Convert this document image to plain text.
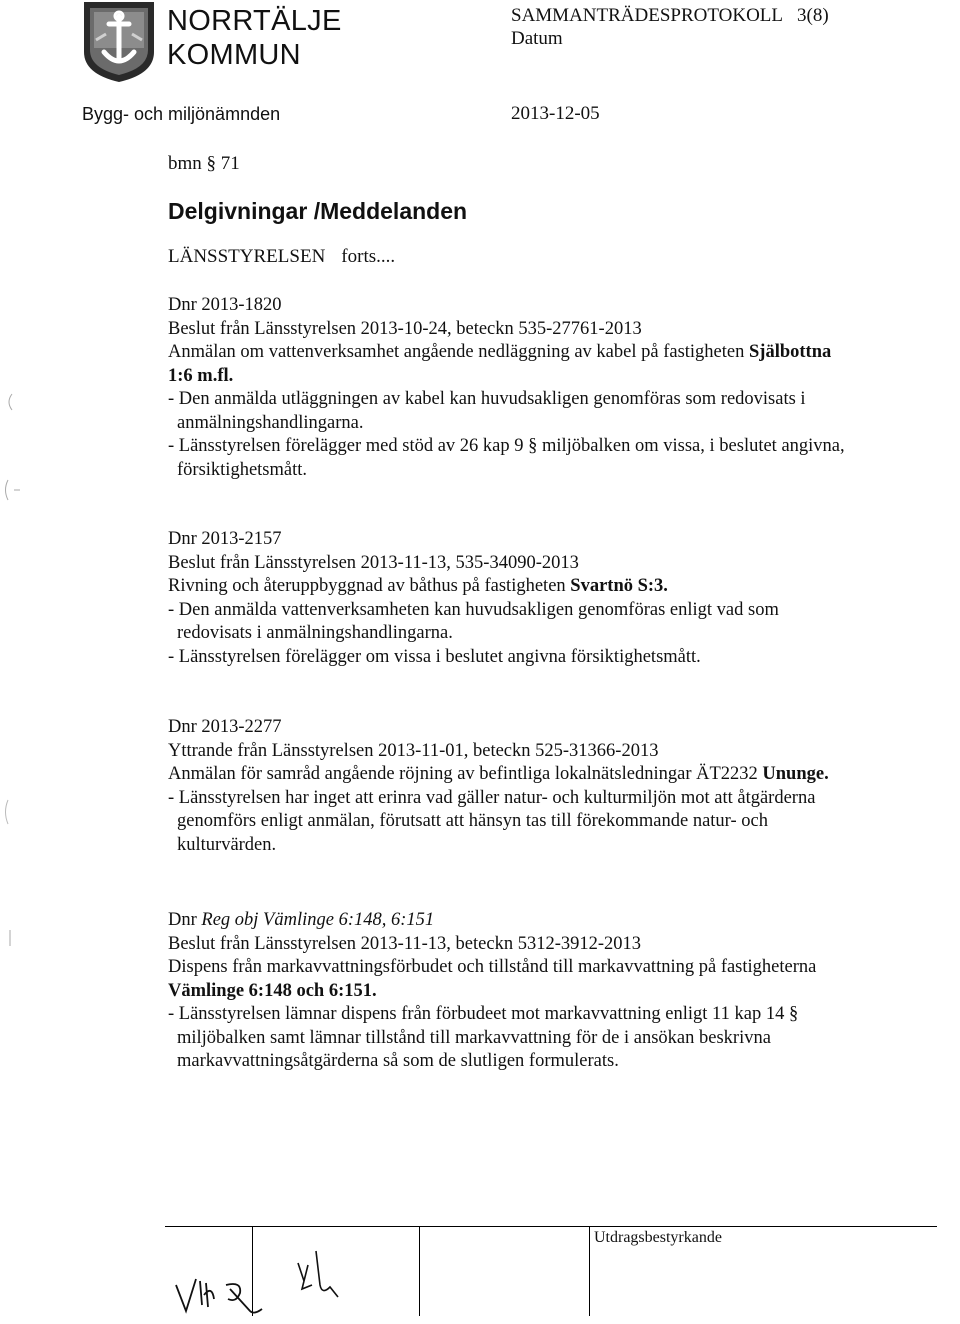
NORRTÄLJE
KOMMUN
SAMMANTRÄDESPROTOKOLL 3(8)
Datum
Bygg- och miljönämnden	2013-12-05
bmn § 71
Delgivningar /Meddelanden
LÄNSSTYRELSEN forts....
Dnr 2013-1820
Beslut från Länsstyrelsen 2013-10-24, beteckn 535-27761-2013
Anmälan om vattenverksamhet angående nedläggning av kabel på fastigheten Själbottna
1:6 m.fl.
- Den anmälda utläggningen av kabel kan huvudsakligen genomföras som redovisats i
anmälningshandlingarna.
- Länsstyrelsen förelägger med stöd av 26 kap 9 § miljöbalken om vissa, i beslutet angivna,
försiktighetsmått.
Dnr 2013-2157
Beslut från Länsstyrelsen 2013-11-13, 535-34090-2013
Rivning och återuppbyggnad av båthus på fastigheten Svartnö S:3.
- Den anmälda vattenverksamheten kan huvudsakligen genomföras enligt vad som
redovisats i anmälningshandlingarna.
- Länsstyrelsen förelägger om vissa i beslutet angivna försiktighetsmått.
Dnr 2013-2277
Yttrande från Länsstyrelsen 2013-11-01, beteckn 525-31366-2013
Anmälan för samråd angående röjning av befintliga lokalnätsledningar ÄT2232 Ununge.
- Länsstyrelsen har inget att erinra vad gäller natur- och kulturmiljön mot att åtgärderna
genomförs enligt anmälan, förutsatt att hänsyn tas till förekommande natur- och
kulturvärden.
Dnr Reg obj Vämlinge 6:148, 6:151
Beslut från Länsstyrelsen 2013-11-13, beteckn 5312-3912-2013
Dispens från markavvattningsförbudet och tillstånd till markavvattning på fastigheterna
Vämlinge 6:148 och 6:151.
- Länsstyrelsen lämnar dispens från förbudeet mot markavvattning enligt 11 kap 14 §
miljöbalken samt lämnar tillstånd till markavvattning för de i ansökan beskrivna
markavvattningsåtgärderna så som de slutligen formulerats.
Utdragsbestyrkande
